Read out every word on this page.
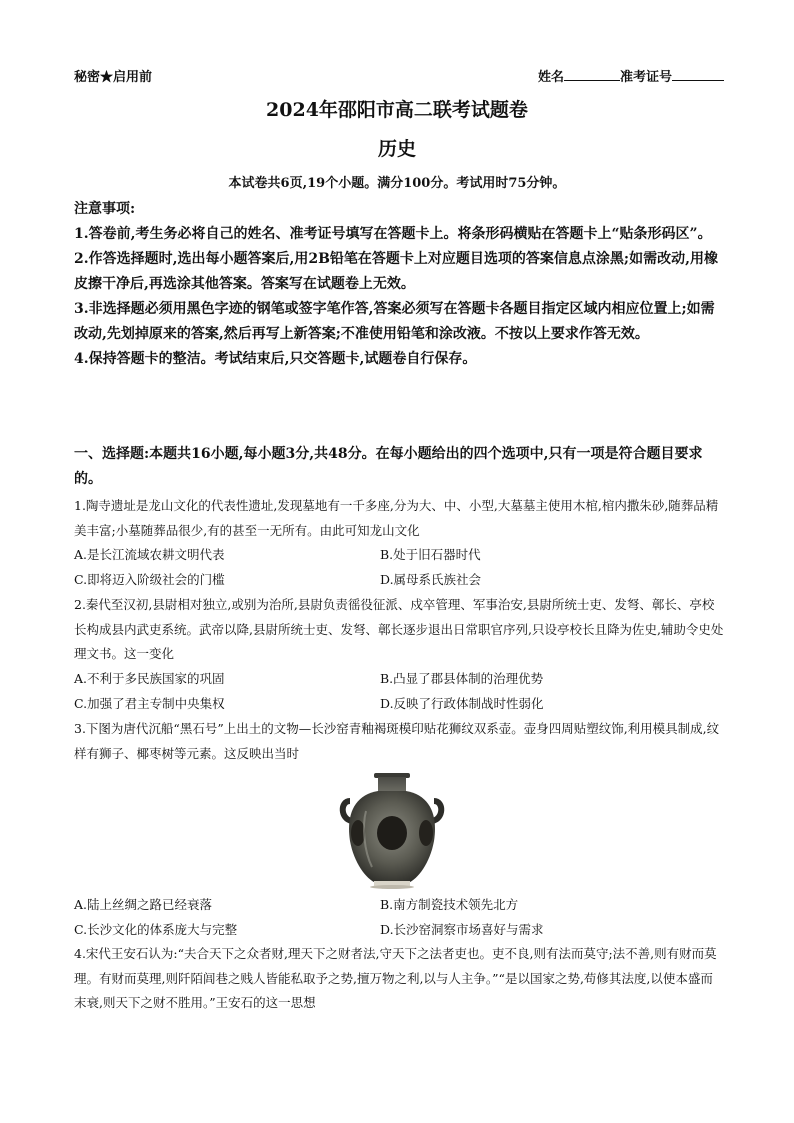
秘密★启用前	姓名	准考证号
2024年邵阳市高二联考试题卷
历史
本试卷共6页,19个小题。满分100分。考试用时75分钟。

注意事项:

1.答卷前,考生务必将自己的姓名、准考证号填写在答题卡上。将条形码横贴在答题卡上“贴条形码区”。

2.作答选择题时,选出每小题答案后,用2B铅笔在答题卡上对应题目选项的答案信息点涂黑;如需改动,用橡皮擦干净后,再选涂其他答案。答案写在试题卷上无效。

3.非选择题必须用黑色字迹的钢笔或签字笔作答,答案必须写在答题卡各题目指定区域内相应位置上;如需改动,先划掉原来的答案,然后再写上新答案;不准使用铅笔和涂改液。不按以上要求作答无效。

4.保持答题卡的整洁。考试结束后,只交答题卡,试题卷自行保存。

一、选择题:本题共16小题,每小题3分,共48分。在每小题给出的四个选项中,只有一项是符合题目要求的。

1.陶寺遗址是龙山文化的代表性遗址,发现墓地有一千多座,分为大、中、小型,大墓墓主使用木棺,棺内撒朱砂,随葬品精美丰富;小墓随葬品很少,有的甚至一无所有。由此可知龙山文化

A.是长江流域农耕文明代表	B.处于旧石器时代
C.即将迈入阶级社会的门槛	D.属母系氏族社会

2.秦代至汉初,县尉相对独立,或别为治所,县尉负责徭役征派、戍卒管理、军事治安,县尉所统士吏、发弩、鄣长、亭校长构成县内武吏系统。武帝以降,县尉所统士吏、发弩、鄣长逐步退出日常职官序列,只设亭校长且降为佐史,辅助令史处理文书。这一变化

A.不利于多民族国家的巩固	B.凸显了郡县体制的治理优势
C.加强了君主专制中央集权	D.反映了行政体制战时性弱化

3.下图为唐代沉船“黑石号”上出土的文物—长沙窑青釉褐斑模印贴花狮纹双系壶。壶身四周贴塑纹饰,利用模具制成,纹样有狮子、椰枣树等元素。这反映出当时

A.陆上丝绸之路已经衰落	B.南方制瓷技术领先北方
C.长沙文化的体系庞大与完整	D.长沙窑洞察市场喜好与需求

4.宋代王安石认为:“夫合天下之众者财,理天下之财者法,守天下之法者吏也。吏不良,则有法而莫守;法不善,则有财而莫理。有财而莫理,则阡陌闾巷之贱人皆能私取予之势,擅万物之利,以与人主争。”“是以国家之势,苟修其法度,以使本盛而末衰,则天下之财不胜用。”王安石的这一思想
